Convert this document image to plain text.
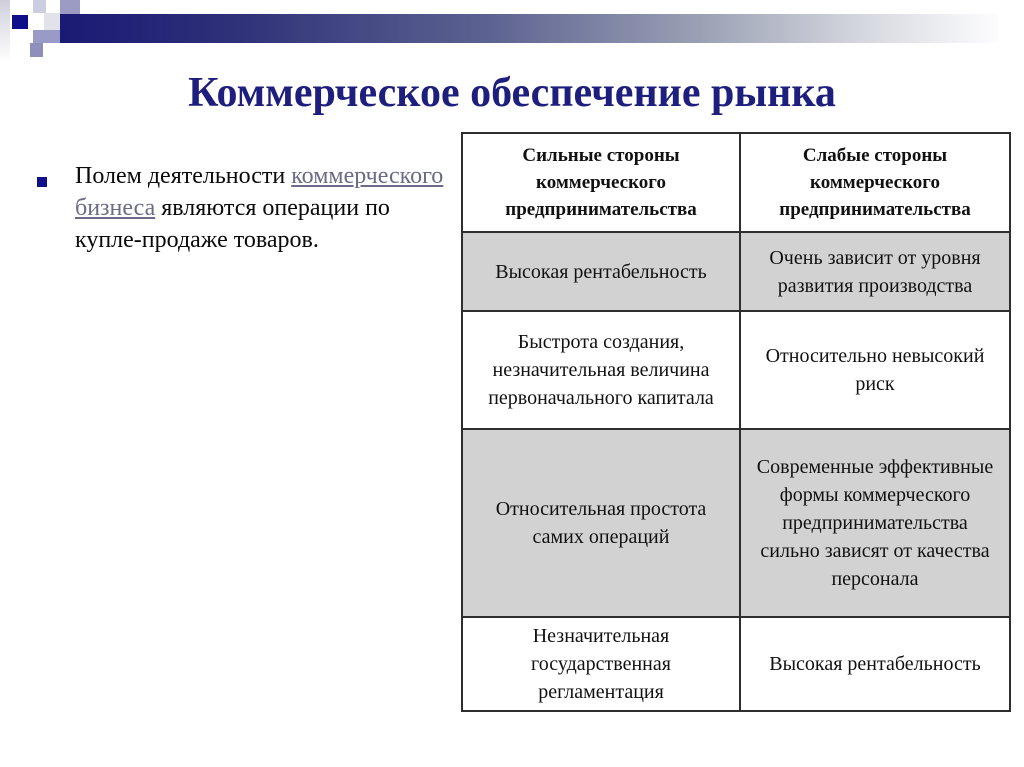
Коммерческое обеспечение рынка
Полем деятельности коммерческого бизнеса являются операции по купле-продаже товаров.
Сильные стороны коммерческого предпринимательства	Слабые стороны коммерческого предпринимательства
Высокая рентабельность	Очень зависит от уровня развития производства
Быстрота создания, незначительная величина первоначального капитала	Относительно невысокий риск
Относительная простота самих операций	Современные эффективные формы коммерческого предпринимательства сильно зависят от качества персонала
Незначительная государственная регламентация	Высокая рентабельность
